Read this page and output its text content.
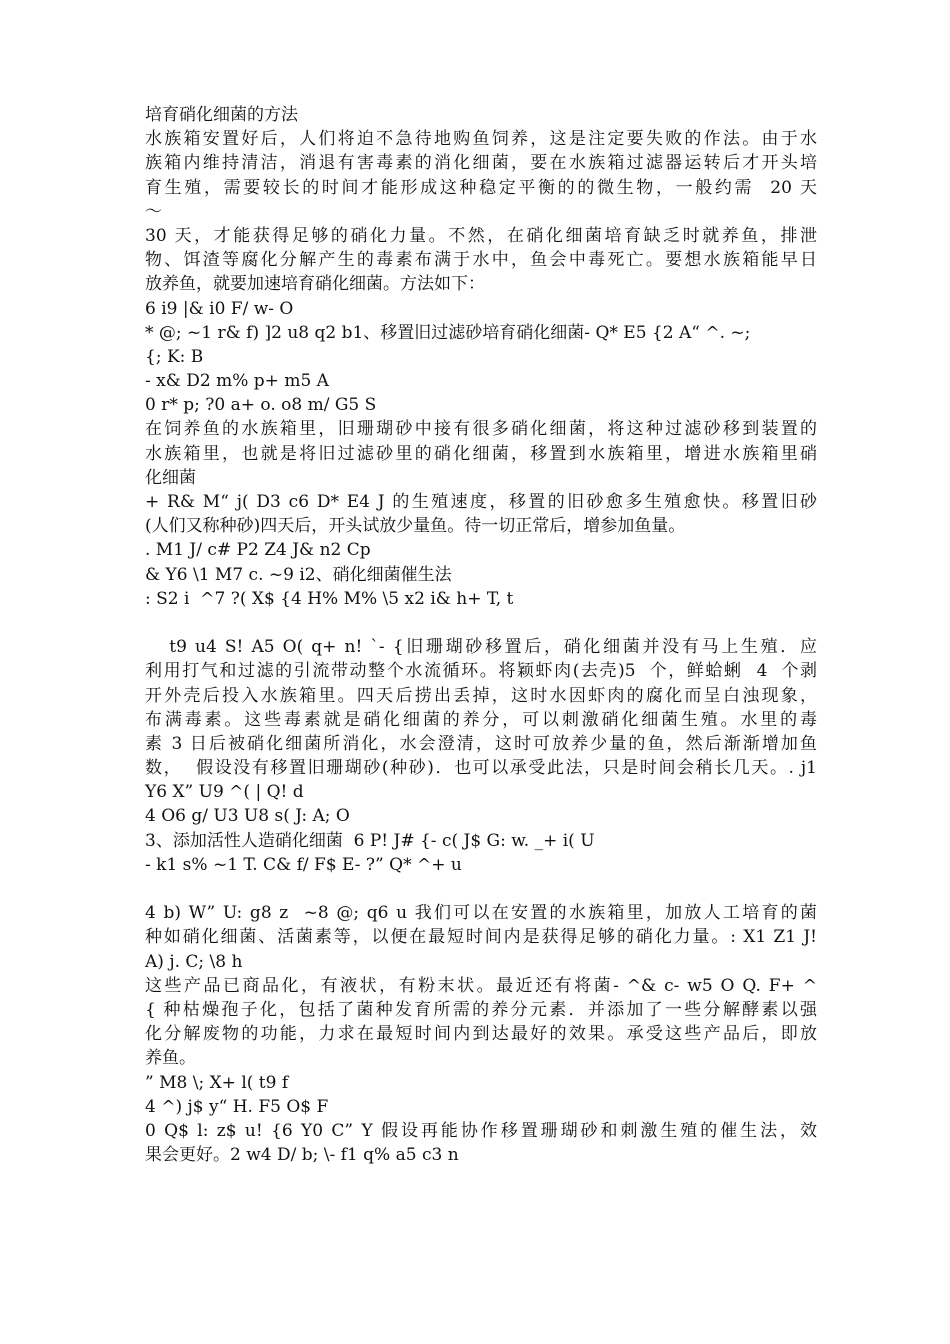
培育硝化细菌的方法
水族箱安置好后，人们将迫不急待地购鱼饲养，这是注定要失败的作法。由于水
族箱内维持清洁，消退有害毒素的消化细菌，要在水族箱过滤器运转后才开头培
育生殖，需要较长的时间才能形成这种稳定平衡的的微生物，一般约需  20 天
～
30 天，才能获得足够的硝化力量。不然，在硝化细菌培育缺乏时就养鱼，排泄
物、饵渣等腐化分解产生的毒素布满于水中，鱼会中毒死亡。要想水族箱能早日
放养鱼，就要加速培育硝化细菌。方法如下：
6 i9 |& i0 F/ w- O
* @; ~1 r& f) ]2 u8 q2 b1、移置旧过滤砂培育硝化细菌- Q* E5 {2 A“ ^. ~;
{; K: B
- x& D2 m% p+ m5 A
0 r* p; ?0 a+ o. o8 m/ G5 S
在饲养鱼的水族箱里，旧珊瑚砂中接有很多硝化细菌，将这种过滤砂移到装置的
水族箱里，也就是将旧过滤砂里的硝化细菌，移置到水族箱里，增进水族箱里硝
化细菌
+ R& M“ j( D3 c6 D* E4 J 的生殖速度，移置的旧砂愈多生殖愈快。移置旧砂
(人们又称种砂)四天后，开头试放少量鱼。待一切正常后，增参加鱼量。
. M1 J/ c# P2 Z4 J& n2 Cp
& Y6 \1 M7 c. ~9 i2、硝化细菌催生法
: S2 i  ^7 ?( X$ {4 H% M% \5 x2 i& h+ T, t
t9 u4 S! A5 O( q+ n! `- {旧珊瑚砂移置后，硝化细菌并没有马上生殖．应
利用打气和过滤的引流带动整个水流循环。将颖虾肉(去壳)5  个，鲜蛤蜊  4  个剥
开外壳后投入水族箱里。四天后捞出丢掉，这时水因虾肉的腐化而呈白浊现象，
布满毒素。这些毒素就是硝化细菌的养分，可以刺激硝化细菌生殖。水里的毒
素 3 日后被硝化细菌所消化，水会澄清，这时可放养少量的鱼，然后渐渐增加鱼
数，  假设没有移置旧珊瑚砂(种砂)．也可以承受此法，只是时间会稍长几天。. j1
Y6 X” U9 ^( | Q! d
4 O6 g/ U3 U8 s( J: A; O
3、添加活性人造硝化细菌  6 P! J# {- c( J$ G: w. _+ i( U
- k1 s% ~1 T. C& f/ F$ E- ?” Q* ^+ u
4 b) W” U: g8 z  ~8 @; q6 u 我们可以在安置的水族箱里，加放人工培育的菌
种如硝化细菌、活菌素等，以便在最短时间内是获得足够的硝化力量。: X1 Z1 J!
A) j. C; \8 h
这些产品已商品化，有液状，有粉末状。最近还有将菌- ^& c- w5 O Q. F+ ^
{ 种枯燥孢子化，包括了菌种发育所需的养分元素．并添加了一些分解酵素以强
化分解废物的功能，力求在最短时间内到达最好的效果。承受这些产品后，即放
养鱼。
” M8 \; X+ l( t9 f
4 ^) j$ y“ H. F5 O$ F
0 Q$ l: z$ u! {6 Y0 C” Y 假设再能协作移置珊瑚砂和刺激生殖的催生法，效
果会更好。2 w4 D/ b; \- f1 q% a5 c3 n
